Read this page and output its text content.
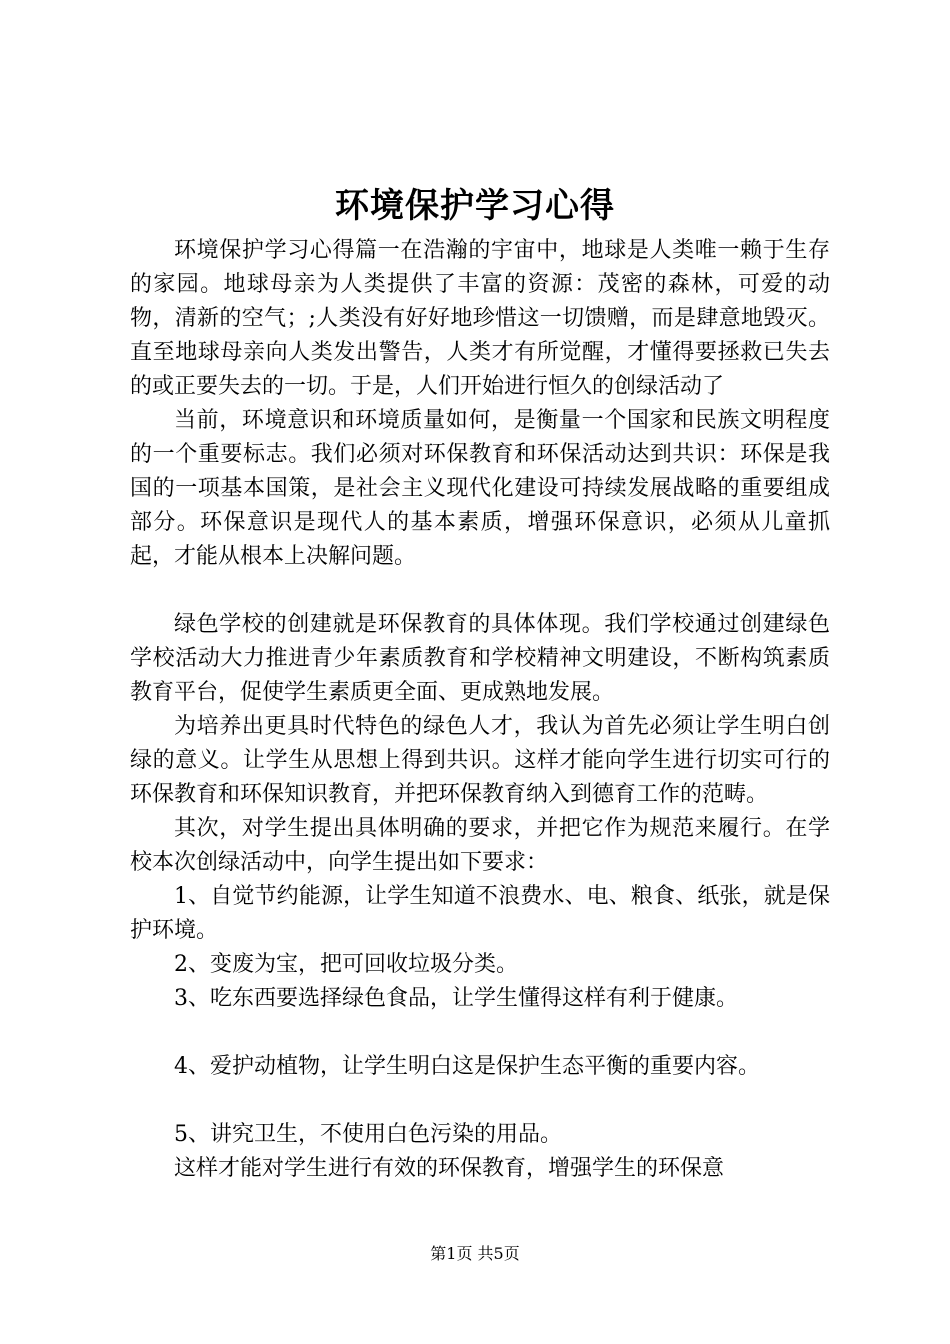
环境保护学习心得

环境保护学习心得篇一在浩瀚的宇宙中，地球是人类唯一赖于生存的家园。地球母亲为人类提供了丰富的资源：茂密的森林，可爱的动物，清新的空气；;人类没有好好地珍惜这一切馈赠，而是肆意地毁灭。直至地球母亲向人类发出警告，人类才有所觉醒，才懂得要拯救已失去的或正要失去的一切。于是，人们开始进行恒久的创绿活动了

当前，环境意识和环境质量如何，是衡量一个国家和民族文明程度的一个重要标志。我们必须对环保教育和环保活动达到共识：环保是我国的一项基本国策，是社会主义现代化建设可持续发展战略的重要组成部分。环保意识是现代人的基本素质，增强环保意识，必须从儿童抓起，才能从根本上决解问题。

绿色学校的创建就是环保教育的具体体现。我们学校通过创建绿色学校活动大力推进青少年素质教育和学校精神文明建设，不断构筑素质教育平台，促使学生素质更全面、更成熟地发展。

为培养出更具时代特色的绿色人才，我认为首先必须让学生明白创绿的意义。让学生从思想上得到共识。这样才能向学生进行切实可行的环保教育和环保知识教育，并把环保教育纳入到德育工作的范畴。

其次，对学生提出具体明确的要求，并把它作为规范来履行。在学校本次创绿活动中，向学生提出如下要求：

1、自觉节约能源，让学生知道不浪费水、电、粮食、纸张，就是保护环境。

2、变废为宝，把可回收垃圾分类。

3、吃东西要选择绿色食品，让学生懂得这样有利于健康。

4、爱护动植物，让学生明白这是保护生态平衡的重要内容。

5、讲究卫生，不使用白色污染的用品。

这样才能对学生进行有效的环保教育，增强学生的环保意

第1页 共5页
